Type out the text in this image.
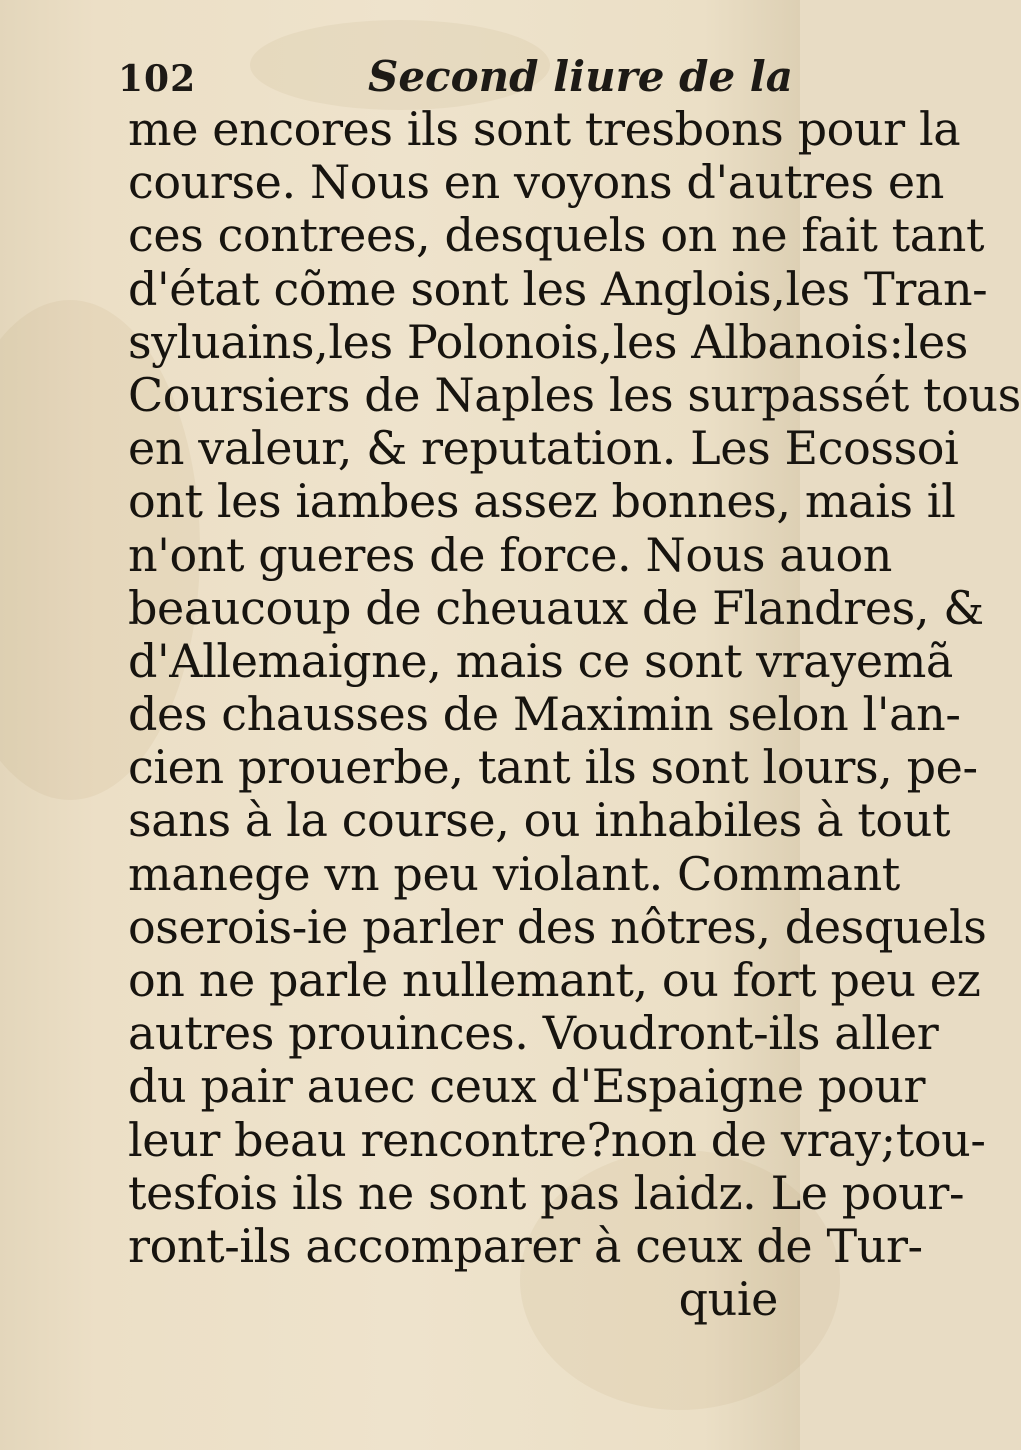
102	Second liure de la
me encores ils sont tresbons pour la
course. Nous en voyons d'autres en
ces contrees, desquels on ne fait tant
d'état cõme sont les Anglois,les Tran-
syluains,les Polonois,les Albanois:les
Coursiers de Naples les surpassét tous
en valeur, & reputation. Les Ecossoi
ont les iambes assez bonnes, mais il
n'ont gueres de force. Nous auon
beaucoup de cheuaux de Flandres, &
d'Allemaigne, mais ce sont vrayemã
des chausses de Maximin selon l'an-
cien prouerbe, tant ils sont lours, pe-
sans à la course, ou inhabiles à tout
manege vn peu violant. Commant
oserois-ie parler des nôtres, desquels
on ne parle nullemant, ou fort peu ez
autres prouinces. Voudront-ils aller
du pair auec ceux d'Espaigne pour
leur beau rencontre?non de vray;tou-
tesfois ils ne sont pas laidz. Le pour-
ront-ils accomparer à ceux de Tur-
quie
